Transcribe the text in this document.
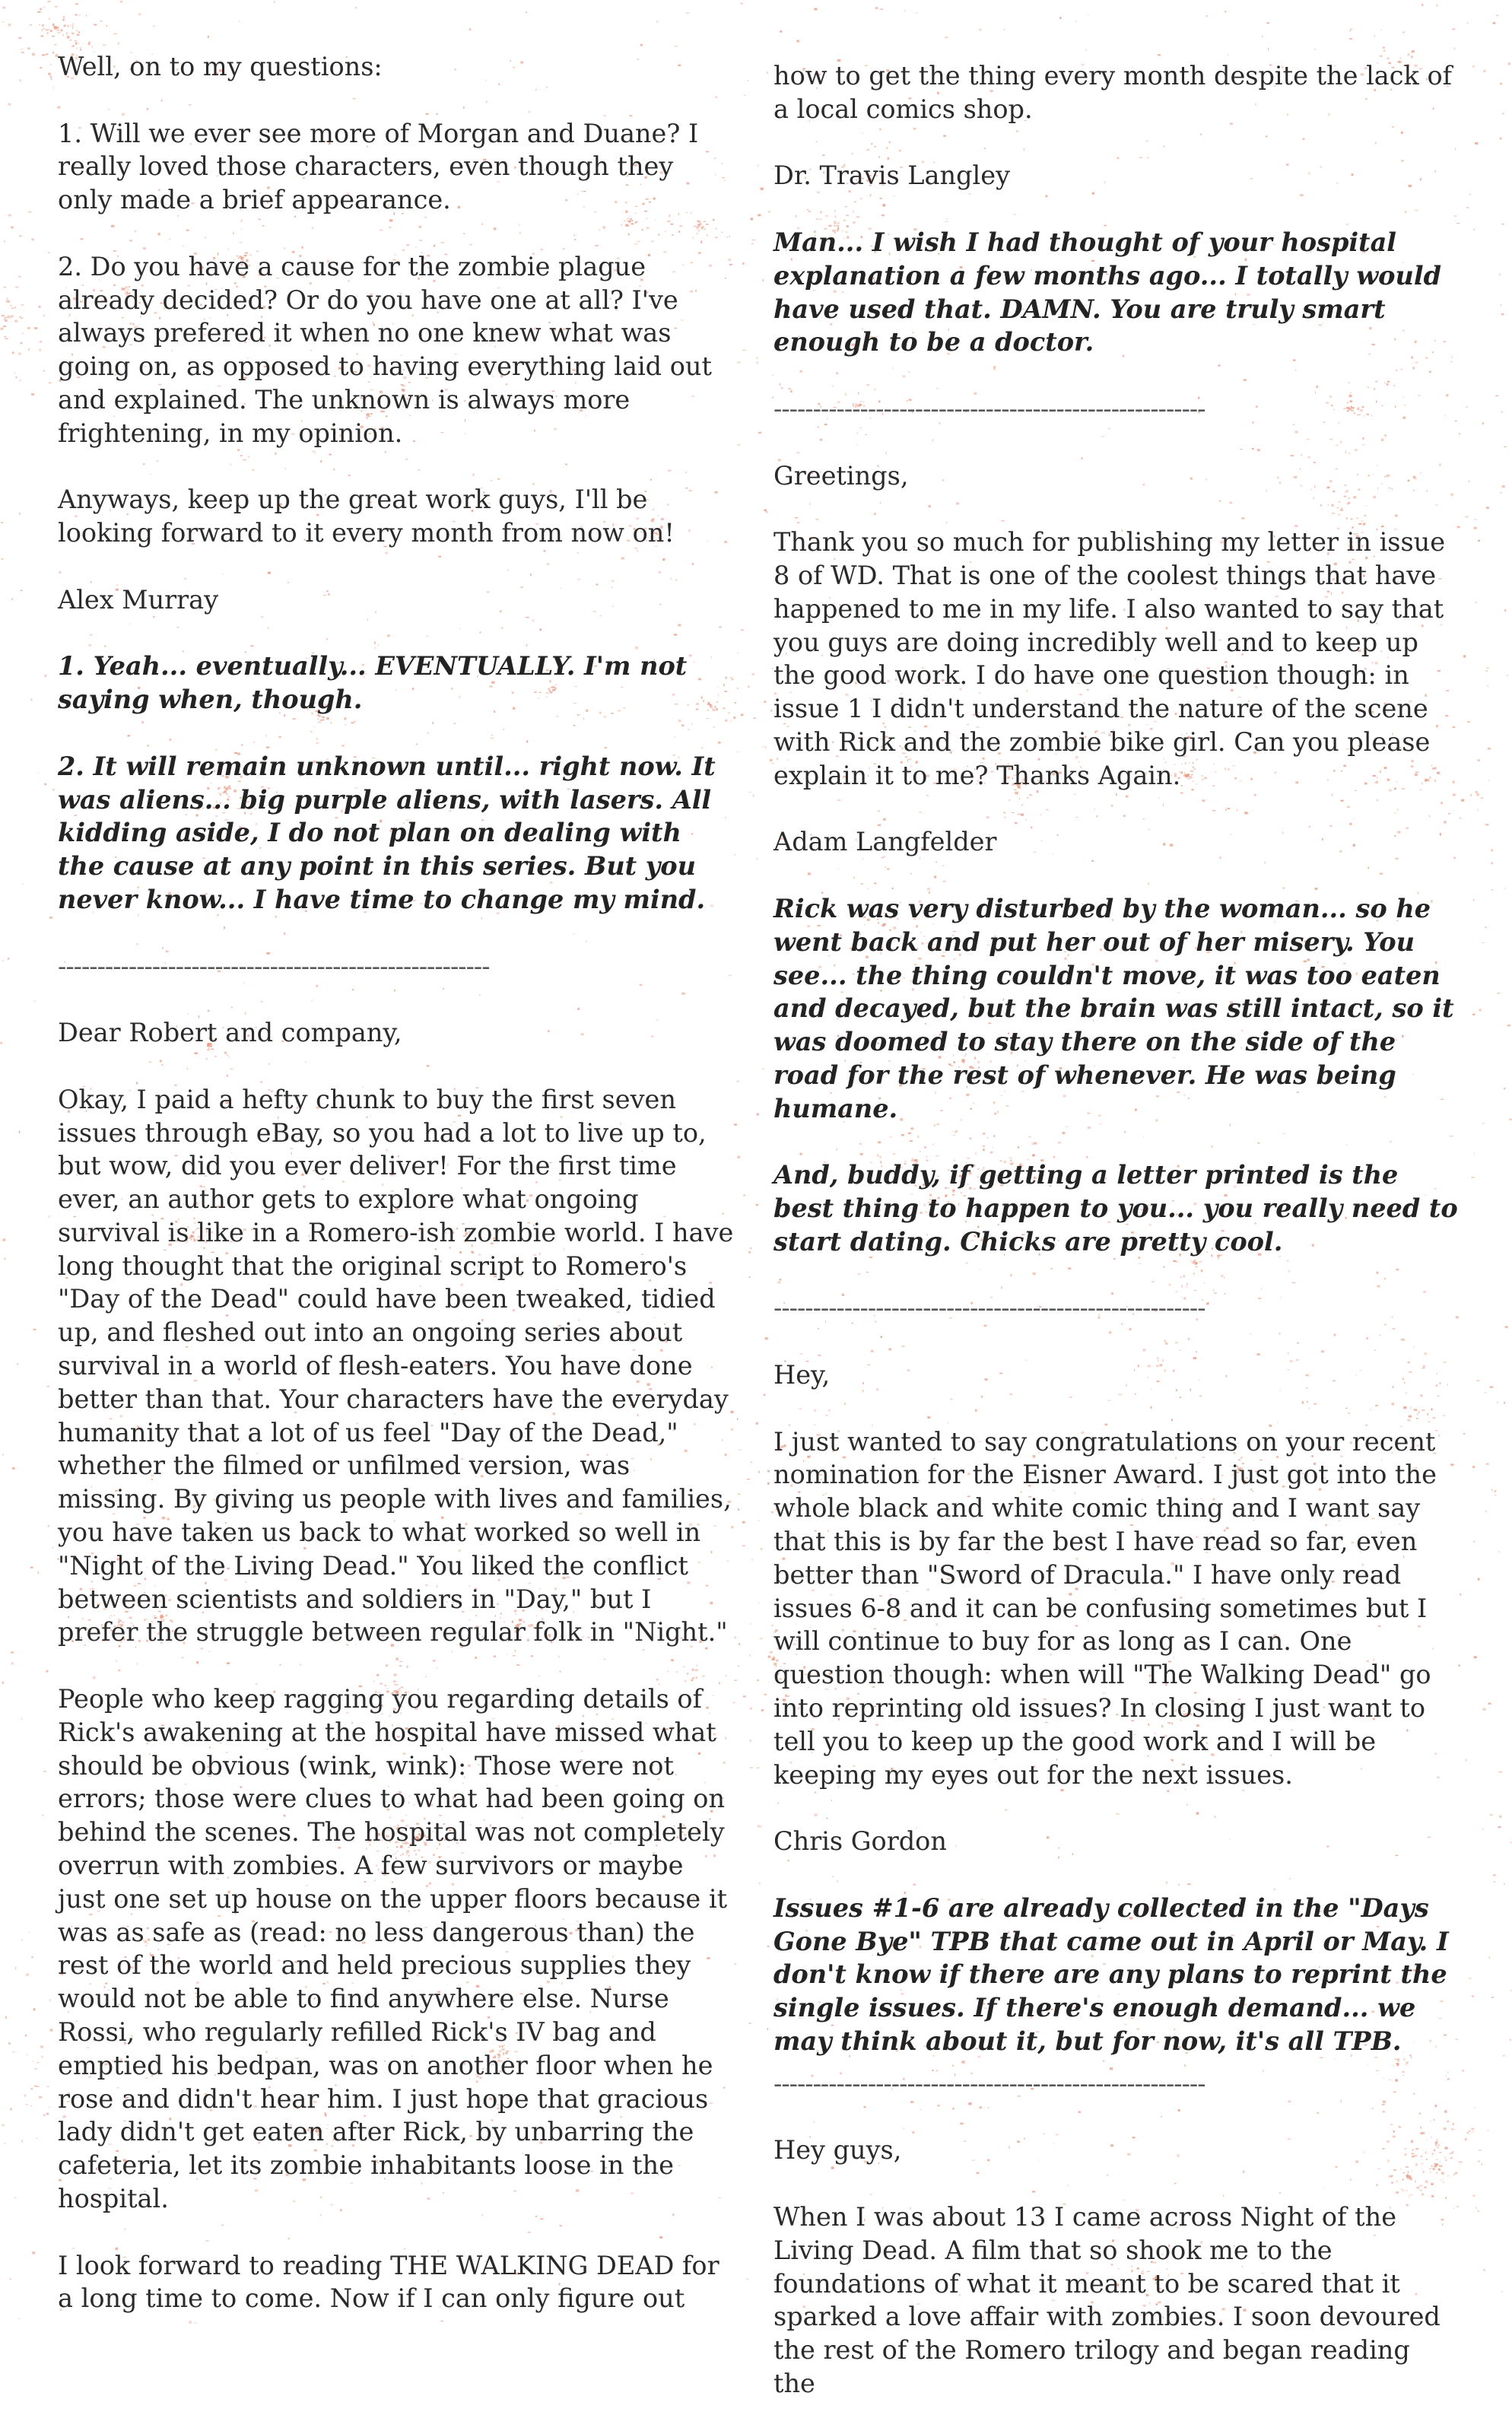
Well, on to my questions:

1. Will we ever see more of Morgan and Duane? I really loved those characters, even though they only made a brief appearance.

2. Do you have a cause for the zombie plague already decided? Or do you have one at all? I've always prefered it when no one knew what was going on, as opposed to having everything laid out and explained. The unknown is always more frightening, in my opinion.

Anyways, keep up the great work guys, I'll be looking forward to it every month from now on!

Alex Murray

1. Yeah... eventually... EVENTUALLY. I'm not saying when, though.

2. It will remain unknown until... right now. It was aliens... big purple aliens, with lasers. All kidding aside, I do not plan on dealing with the cause at any point in this series. But you never know... I have time to change my mind.

-------------------------------------------------------

Dear Robert and company,

Okay, I paid a hefty chunk to buy the first seven issues through eBay, so you had a lot to live up to, but wow, did you ever deliver! For the first time ever, an author gets to explore what ongoing survival is like in a Romero-ish zombie world. I have long thought that the original script to Romero's "Day of the Dead" could have been tweaked, tidied up, and fleshed out into an ongoing series about survival in a world of flesh-eaters. You have done better than that. Your characters have the everyday humanity that a lot of us feel "Day of the Dead," whether the filmed or unfilmed version, was missing. By giving us people with lives and families, you have taken us back to what worked so well in "Night of the Living Dead." You liked the conflict between scientists and soldiers in "Day," but I prefer the struggle between regular folk in "Night."

People who keep ragging you regarding details of Rick's awakening at the hospital have missed what should be obvious (wink, wink): Those were not errors; those were clues to what had been going on behind the scenes. The hospital was not completely overrun with zombies. A few survivors or maybe just one set up house on the upper floors because it was as safe as (read: no less dangerous than) the rest of the world and held precious supplies they would not be able to find anywhere else. Nurse Rossi, who regularly refilled Rick's IV bag and emptied his bedpan, was on another floor when he rose and didn't hear him. I just hope that gracious lady didn't get eaten after Rick, by unbarring the cafeteria, let its zombie inhabitants loose in the hospital.

I look forward to reading THE WALKING DEAD for a long time to come. Now if I can only figure out

how to get the thing every month despite the lack of a local comics shop.

Dr. Travis Langley

Man... I wish I had thought of your hospital explanation a few months ago... I totally would have used that. DAMN. You are truly smart enough to be a doctor.

-------------------------------------------------------

Greetings,

Thank you so much for publishing my letter in issue 8 of WD. That is one of the coolest things that have happened to me in my life. I also wanted to say that you guys are doing incredibly well and to keep up the good work. I do have one question though: in issue 1 I didn't understand the nature of the scene with Rick and the zombie bike girl. Can you please explain it to me? Thanks Again.

Adam Langfelder

Rick was very disturbed by the woman... so he went back and put her out of her misery. You see... the thing couldn't move, it was too eaten and decayed, but the brain was still intact, so it was doomed to stay there on the side of the road for the rest of whenever. He was being humane.

And, buddy, if getting a letter printed is the best thing to happen to you... you really need to start dating. Chicks are pretty cool.

-------------------------------------------------------

Hey,

I just wanted to say congratulations on your recent nomination for the Eisner Award. I just got into the whole black and white comic thing and I want say that this is by far the best I have read so far, even better than "Sword of Dracula." I have only read issues 6-8 and it can be confusing sometimes but I will continue to buy for as long as I can. One question though: when will "The Walking Dead" go into reprinting old issues? In closing I just want to tell you to keep up the good work and I will be keeping my eyes out for the next issues.

Chris Gordon

Issues #1-6 are already collected in the "Days Gone Bye" TPB that came out in April or May. I don't know if there are any plans to reprint the single issues. If there's enough demand... we may think about it, but for now, it's all TPB.

-------------------------------------------------------

Hey guys,

When I was about 13 I came across Night of the Living Dead. A film that so shook me to the foundations of what it meant to be scared that it sparked a love affair with zombies. I soon devoured the rest of the Romero trilogy and began reading the
